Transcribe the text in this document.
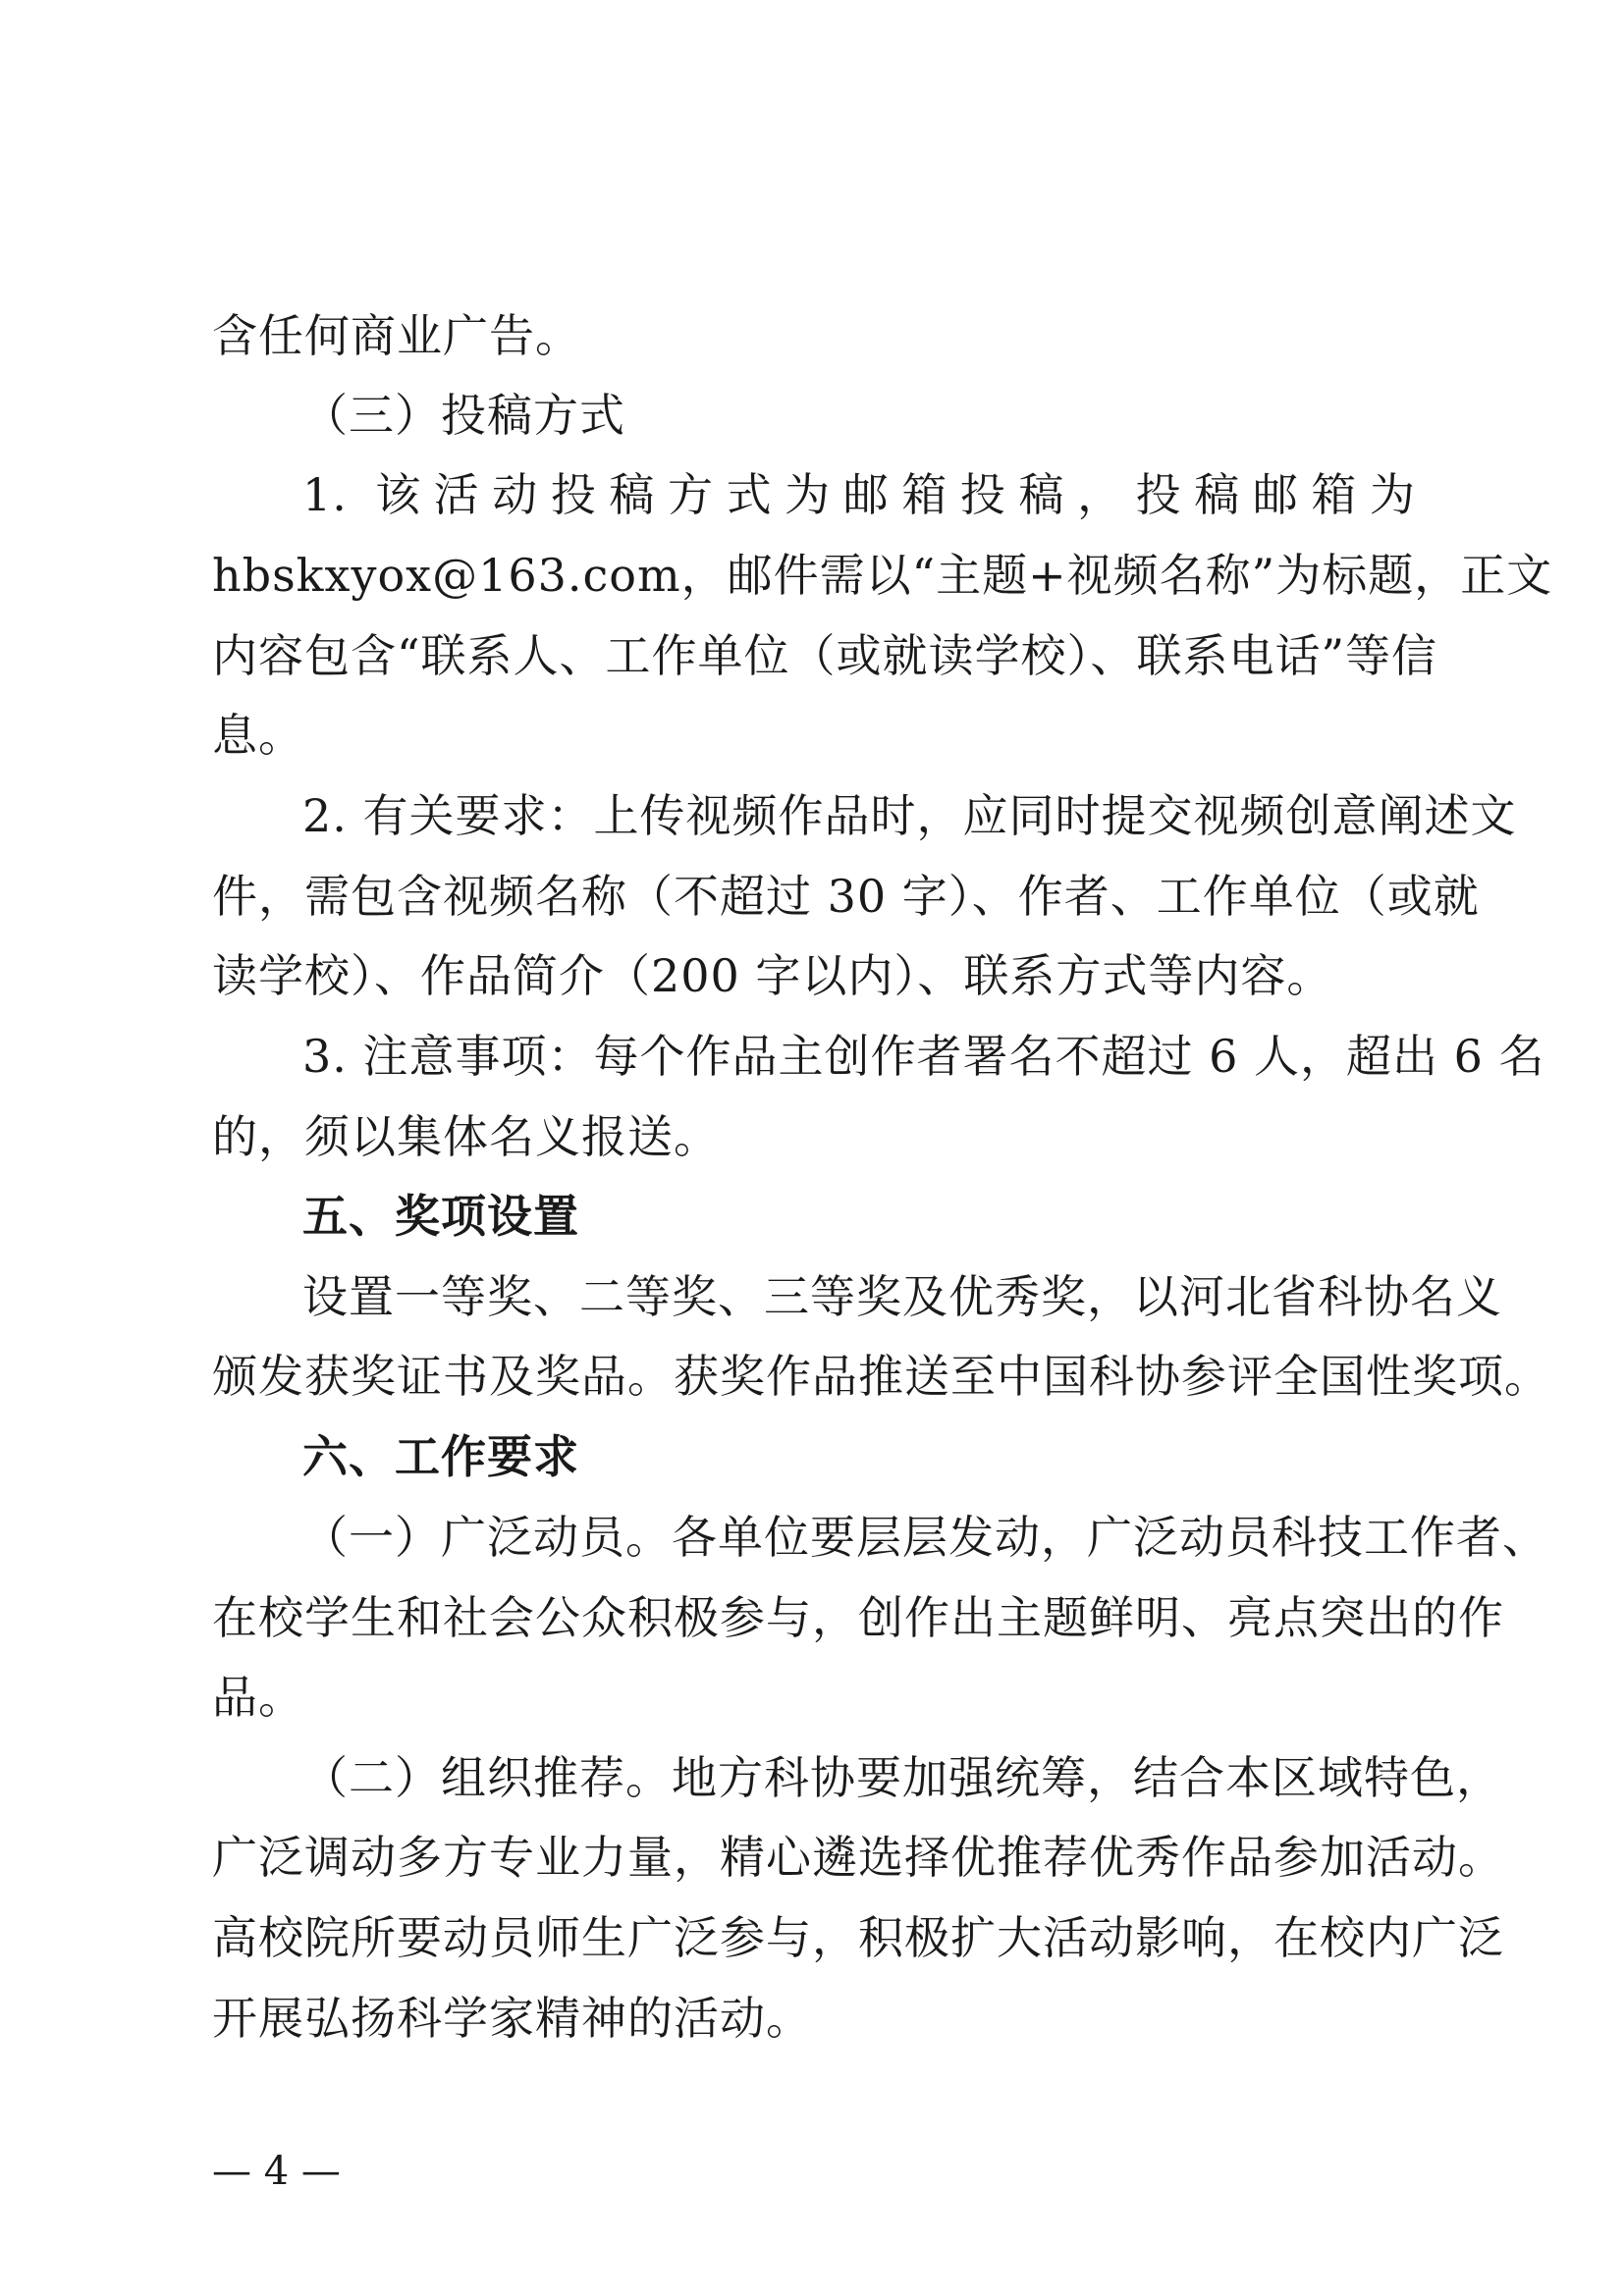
含任何商业广告。
（三）投稿方式
1. 该活动投稿方式为邮箱投稿，投稿邮箱为
hbskxyox@163.com，邮件需以“主题+视频名称”为标题，正文
内容包含“联系人、工作单位（或就读学校）、联系电话”等信
息。
2. 有关要求：上传视频作品时，应同时提交视频创意阐述文
件，需包含视频名称（不超过 30 字）、作者、工作单位（或就
读学校）、作品简介（200 字以内）、联系方式等内容。
3. 注意事项：每个作品主创作者署名不超过 6 人，超出 6 名
的，须以集体名义报送。
五、奖项设置
设置一等奖、二等奖、三等奖及优秀奖，以河北省科协名义
颁发获奖证书及奖品。获奖作品推送至中国科协参评全国性奖项。
六、工作要求
（一）广泛动员。各单位要层层发动，广泛动员科技工作者、
在校学生和社会公众积极参与，创作出主题鲜明、亮点突出的作
品。
（二）组织推荐。地方科协要加强统筹，结合本区域特色，
广泛调动多方专业力量，精心遴选择优推荐优秀作品参加活动。
高校院所要动员师生广泛参与，积极扩大活动影响，在校内广泛
开展弘扬科学家精神的活动。
— 4 —
